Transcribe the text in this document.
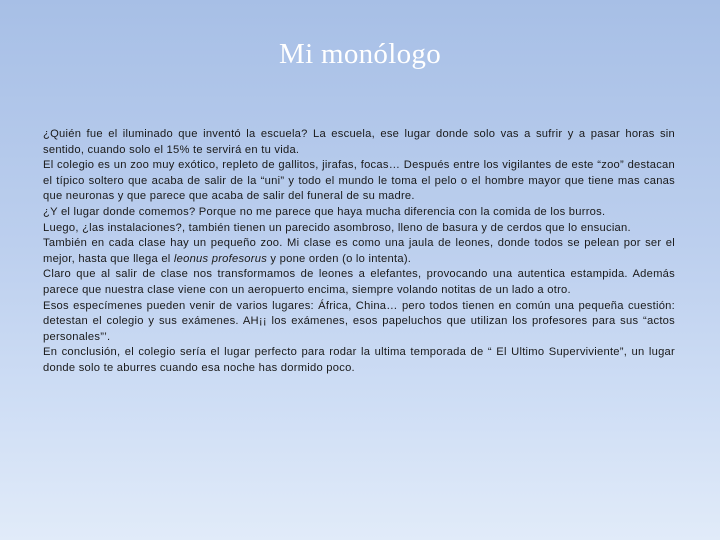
Mi monólogo

¿Quién fue el iluminado que inventó la escuela? La escuela, ese lugar donde solo vas a sufrir y a pasar horas sin sentido, cuando solo el 15% te servirá en tu vida.

El colegio es un zoo muy exótico, repleto de gallitos, jirafas, focas… Después entre los vigilantes de este “zoo” destacan el típico soltero que acaba de salir de la “uni” y todo el mundo le toma el pelo o el hombre mayor que tiene mas canas que neuronas y que parece que acaba de salir del funeral de su madre.

¿Y el lugar donde comemos? Porque no me parece que haya mucha diferencia con la comida de los burros.

Luego, ¿las instalaciones?, también tienen un parecido asombroso, lleno de basura y de cerdos que lo ensucian.

También en cada clase hay un pequeño zoo. Mi clase es como una jaula de leones, donde todos se pelean por ser el mejor, hasta que llega el leonus profesorus y pone orden (o lo intenta).

Claro que al salir de clase nos transformamos de leones a elefantes, provocando una autentica estampida. Además parece que nuestra clase viene con un aeropuerto encima, siempre volando notitas de un lado a otro.

Esos especímenes pueden venir de varios lugares: África, China… pero todos tienen en común una pequeña cuestión: detestan el colegio y sus exámenes. AH¡¡ los exámenes, esos papeluchos que utilizan los profesores para sus “actos personales”’.

En conclusión, el colegio sería el lugar perfecto para rodar la ultima temporada de “ El Ultimo Superviviente”, un lugar donde solo te aburres cuando esa noche has dormido poco.
